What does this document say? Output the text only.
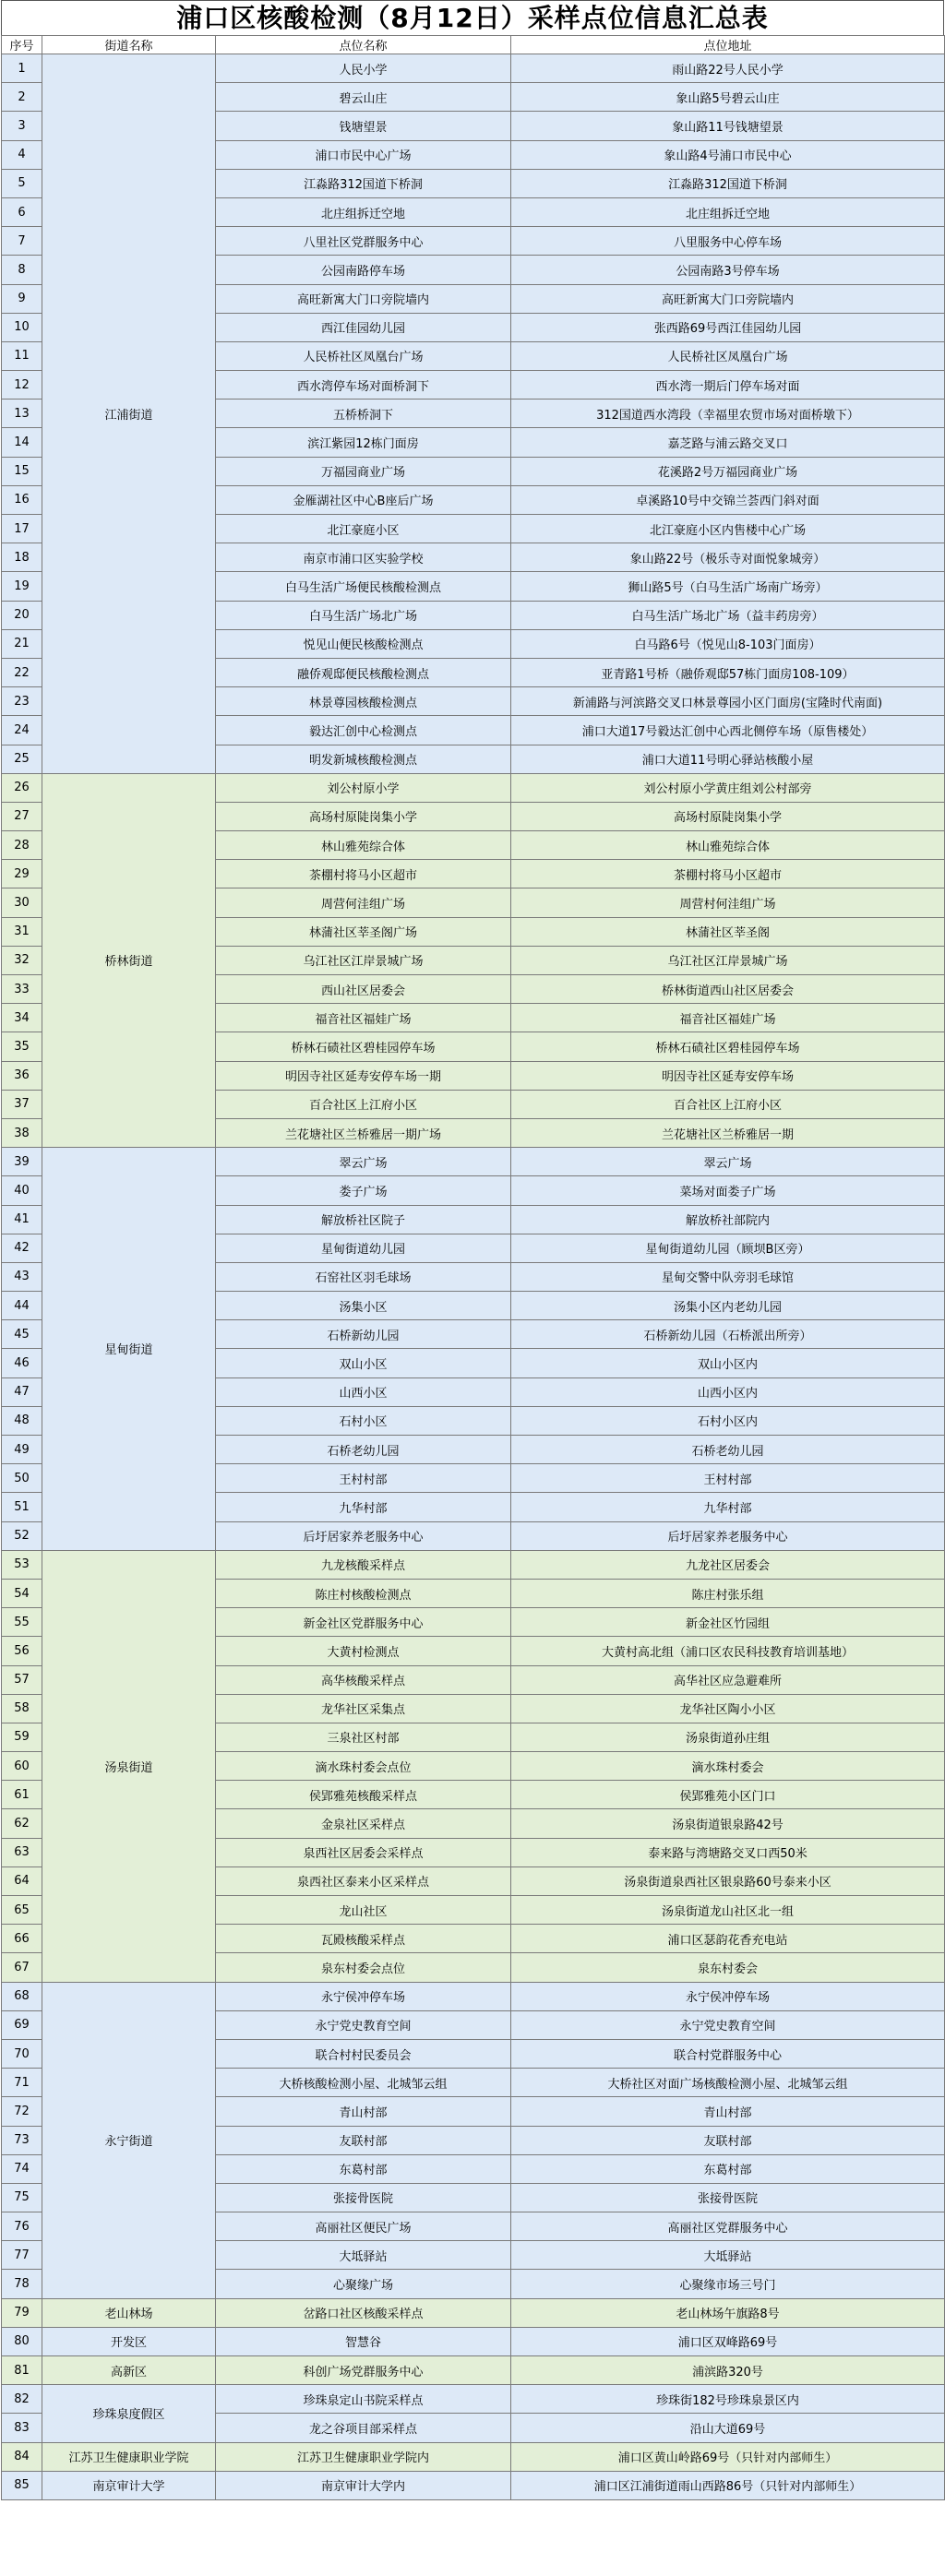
浦口区核酸检测（8月12日）采样点位信息汇总表
序号	街道名称	点位名称	点位地址
1	江浦街道	人民小学	雨山路22号人民小学
2		碧云山庄	象山路5号碧云山庄
3		钱塘望景	象山路11号钱塘望景
4		浦口市民中心广场	象山路4号浦口市民中心
5		江淼路312国道下桥洞	江淼路312国道下桥洞
6		北庄组拆迁空地	北庄组拆迁空地
7		八里社区党群服务中心	八里服务中心停车场
8		公园南路停车场	公园南路3号停车场
9		高旺新寓大门口旁院墙内	高旺新寓大门口旁院墙内
10		西江佳园幼儿园	张西路69号西江佳园幼儿园
11		人民桥社区凤凰台广场	人民桥社区凤凰台广场
12		西水湾停车场对面桥洞下	西水湾一期后门停车场对面
13		五桥桥洞下	312国道西水湾段（幸福里农贸市场对面桥墩下）
14		滨江紫园12栋门面房	嘉芝路与浦云路交叉口
15		万福园商业广场	花溪路2号万福园商业广场
16		金雁湖社区中心B座后广场	卓溪路10号中交锦兰荟西门斜对面
17		北江豪庭小区	北江豪庭小区内售楼中心广场
18		南京市浦口区实验学校	象山路22号（极乐寺对面悦象城旁）
19		白马生活广场便民核酸检测点	狮山路5号（白马生活广场南广场旁）
20		白马生活广场北广场	白马生活广场北广场（益丰药房旁）
21		悦见山便民核酸检测点	白马路6号（悦见山8-103门面房）
22		融侨观邸便民核酸检测点	亚青路1号桥（融侨观邸57栋门面房108-109）
23		林景尊园核酸检测点	新浦路与河滨路交叉口林景尊园小区门面房(宝隆时代南面)
24		毅达汇创中心检测点	浦口大道17号毅达汇创中心西北侧停车场（原售楼处）
25		明发新城核酸检测点	浦口大道11号明心驿站核酸小屋
26	桥林街道	刘公村原小学	刘公村原小学黄庄组刘公村部旁
27		高场村原陡岗集小学	高场村原陡岗集小学
28		林山雅苑综合体	林山雅苑综合体
29		茶棚村将马小区超市	茶棚村将马小区超市
30		周营何洼组广场	周营村何洼组广场
31		林蒲社区莘圣阁广场	林蒲社区莘圣阁
32		乌江社区江岸景城广场	乌江社区江岸景城广场
33		西山社区居委会	桥林街道西山社区居委会
34		福音社区福娃广场	福音社区福娃广场
35		桥林石碛社区碧桂园停车场	桥林石碛社区碧桂园停车场
36		明因寺社区延寿安停车场一期	明因寺社区延寿安停车场
37		百合社区上江府小区	百合社区上江府小区
38		兰花塘社区兰桥雅居一期广场	兰花塘社区兰桥雅居一期
39	星甸街道	翠云广场	翠云广场
40		娄子广场	菜场对面娄子广场
41		解放桥社区院子	解放桥社部院内
42		星甸街道幼儿园	星甸街道幼儿园（顾坝B区旁）
43		石窑社区羽毛球场	星甸交警中队旁羽毛球馆
44		汤集小区	汤集小区内老幼儿园
45		石桥新幼儿园	石桥新幼儿园（石桥派出所旁）
46		双山小区	双山小区内
47		山西小区	山西小区内
48		石村小区	石村小区内
49		石桥老幼儿园	石桥老幼儿园
50		王村村部	王村村部
51		九华村部	九华村部
52		后圩居家养老服务中心	后圩居家养老服务中心
53	汤泉街道	九龙核酸采样点	九龙社区居委会
54		陈庄村核酸检测点	陈庄村张乐组
55		新金社区党群服务中心	新金社区竹园组
56		大黄村检测点	大黄村高北组（浦口区农民科技教育培训基地）
57		高华核酸采样点	高华社区应急避难所
58		龙华社区采集点	龙华社区陶小小区
59		三泉社区村部	汤泉街道孙庄组
60		滴水珠村委会点位	滴水珠村委会
61		侯郢雅苑核酸采样点	侯郢雅苑小区门口
62		金泉社区采样点	汤泉街道银泉路42号
63		泉西社区居委会采样点	泰来路与湾塘路交叉口西50米
64		泉西社区泰来小区采样点	汤泉街道泉西社区银泉路60号泰来小区
65		龙山社区	汤泉街道龙山社区北一组
66		瓦殿核酸采样点	浦口区瑟韵花香充电站
67		泉东村委会点位	泉东村委会
68	永宁街道	永宁侯冲停车场	永宁侯冲停车场
69		永宁党史教育空间	永宁党史教育空间
70		联合村村民委员会	联合村党群服务中心
71		大桥核酸检测小屋、北城邹云组	大桥社区对面广场核酸检测小屋、北城邹云组
72		青山村部	青山村部
73		友联村部	友联村部
74		东葛村部	东葛村部
75		张接骨医院	张接骨医院
76		高丽社区便民广场	高丽社区党群服务中心
77		大坻驿站	大坻驿站
78		心聚缘广场	心聚缘市场三号门
79	老山林场	岔路口社区核酸采样点	老山林场午旗路8号
80	开发区	智慧谷	浦口区双峰路69号
81	高新区	科创广场党群服务中心	浦滨路320号
82	珍珠泉度假区	珍珠泉定山书院采样点	珍珠街182号珍珠泉景区内
83		龙之谷项目部采样点	沿山大道69号
84	江苏卫生健康职业学院	江苏卫生健康职业学院内	浦口区黄山岭路69号（只针对内部师生）
85	南京审计大学	南京审计大学内	浦口区江浦街道雨山西路86号（只针对内部师生）
